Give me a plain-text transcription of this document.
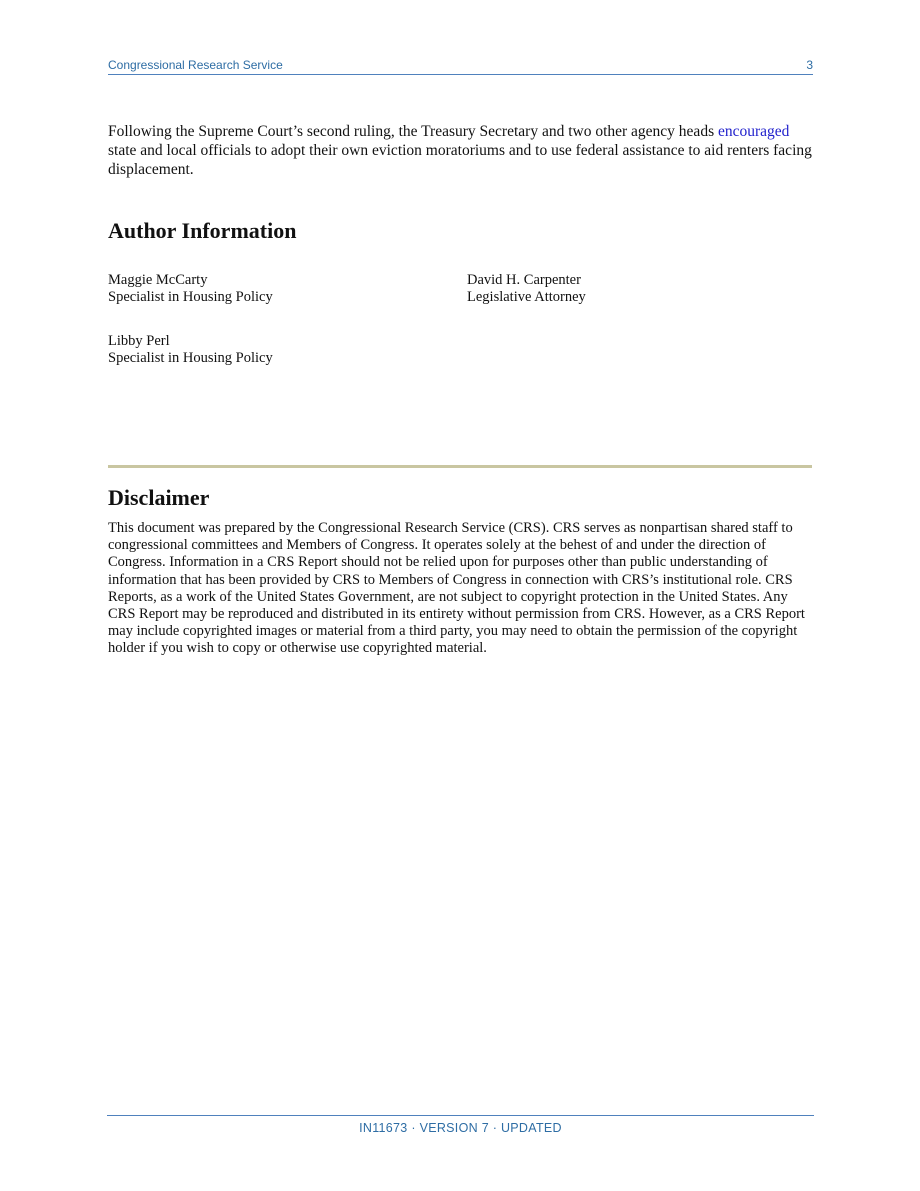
Congressional Research Service	3

Following the Supreme Court’s second ruling, the Treasury Secretary and two other agency heads encouraged state and local officials to adopt their own eviction moratoriums and to use federal assistance to aid renters facing displacement.

Author Information
Maggie McCarty
Specialist in Housing Policy
David H. Carpenter
Legislative Attorney
Libby Perl
Specialist in Housing Policy
Disclaimer

This document was prepared by the Congressional Research Service (CRS). CRS serves as nonpartisan shared staff to congressional committees and Members of Congress. It operates solely at the behest of and under the direction of Congress. Information in a CRS Report should not be relied upon for purposes other than public understanding of information that has been provided by CRS to Members of Congress in connection with CRS’s institutional role. CRS Reports, as a work of the United States Government, are not subject to copyright protection in the United States. Any CRS Report may be reproduced and distributed in its entirety without permission from CRS. However, as a CRS Report may include copyrighted images or material from a third party, you may need to obtain the permission of the copyright holder if you wish to copy or otherwise use copyrighted material.

IN11673 · VERSION 7 · UPDATED
